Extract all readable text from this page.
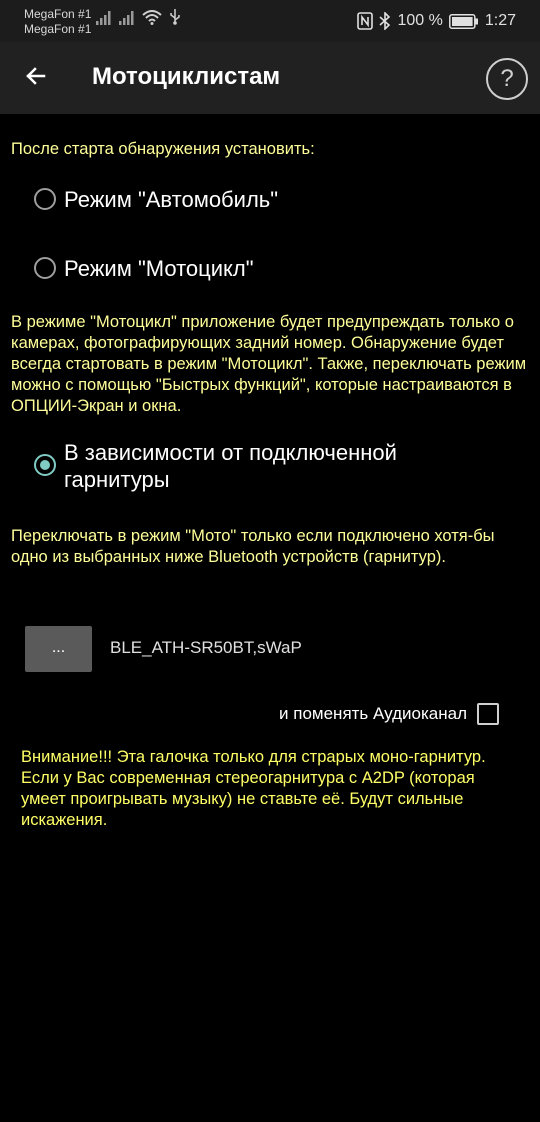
MegaFon #1
MegaFon #1	100 %	1:27
Мотоциклистам	?
После старта обнаружения установить:
Режим "Автомобиль"
Режим "Мотоцикл"
В режиме "Мотоцикл" приложение будет предупреждать только о камерах, фотографирующих задний номер. Обнаружение будет всегда стартовать в режим "Мотоцикл". Также, переключать режим можно с помощью "Быстрых функций", которые настраиваются в ОПЦИИ-Экран и окна.
В зависимости от подключенной гарнитуры
Переключать в режим "Мото" только если подключено хотя-бы одно из выбранных ниже Bluetooth устройств (гарнитур).
...	BLE_ATH-SR50BT,sWaP
и поменять Аудиоканал
Внимание!!! Эта галочка только для страрых моно-гарнитур. Если у Вас современная стереогарнитура с A2DP (которая умеет проигрывать музыку) не ставьте её. Будут сильные искажения.
